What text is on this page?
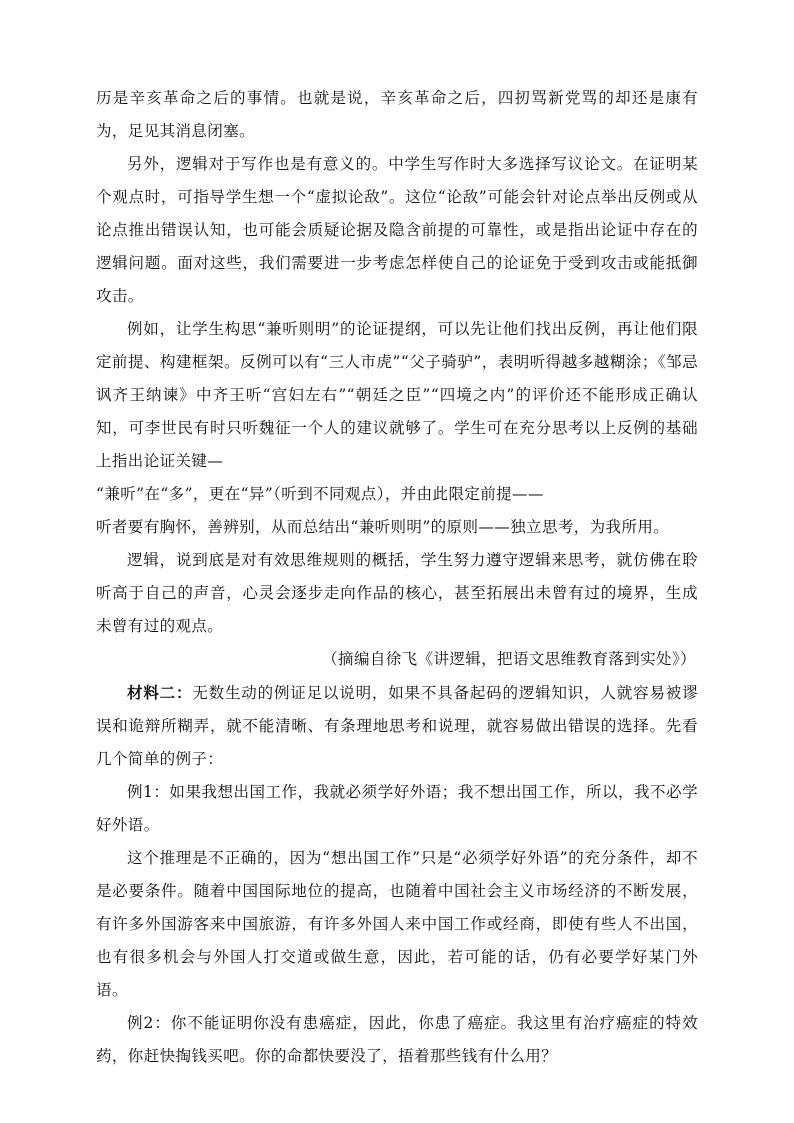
历是辛亥革命之后的事情。也就是说，辛亥革命之后，四扨骂新党骂的却还是康有为，足见其消息闭塞。

另外，逻辑对于写作也是有意义的。中学生写作时大多选择写议论文。在证明某个观点时，可指导学生想一个“虚拟论敌”。这位“论敌”可能会针对论点举出反例或从论点推出错误认知，也可能会质疑论据及隐含前提的可靠性，或是指出论证中存在的逻辑问题。面对这些，我们需要进一步考虑怎样使自己的论证免于受到攻击或能抵御攻击。

例如，让学生构思“兼听则明”的论证提纲，可以先让他们找出反例，再让他们限定前提、构建框架。反例可以有“三人市虎”“父子骑驴”，表明听得越多越糊涂；《邹忌讽齐王纳谏》中齐王听“宫妇左右”“朝廷之臣”“四境之内”的评价还不能形成正确认知，可李世民有时只听魏征一个人的建议就够了。学生可在充分思考以上反例的基础上指出论证关键—

“兼听”在“多”，更在“异”（听到不同观点），并由此限定前提——

听者要有胸怀，善辨别，从而总结出“兼听则明”的原则——独立思考，为我所用。

逻辑，说到底是对有效思维规则的概括，学生努力遵守逻辑来思考，就仿佛在聆听高于自己的声音，心灵会逐步走向作品的核心，甚至拓展出未曾有过的境界，生成未曾有过的观点。

（摘编自徐飞《讲逻辑，把语文思维教育落到实处》）

材料二：无数生动的例证足以说明，如果不具备起码的逻辑知识，人就容易被谬误和诡辩所糊弄，就不能清晰、有条理地思考和说理，就容易做出错误的选择。先看几个简单的例子：

例1：如果我想出国工作，我就必须学好外语；我不想出国工作，所以，我不必学好外语。

这个推理是不正确的，因为“想出国工作”只是“必须学好外语”的充分条件，却不是必要条件。随着中国国际地位的提高，也随着中国社会主义市场经济的不断发展，有许多外国游客来中国旅游，有许多外国人来中国工作或经商，即使有些人不出国，也有很多机会与外国人打交道或做生意，因此，若可能的话，仍有必要学好某门外语。

例2：你不能证明你没有患癌症，因此，你患了癌症。我这里有治疗癌症的特效药，你赶快掏钱买吧。你的命都快要没了，捂着那些钱有什么用？
